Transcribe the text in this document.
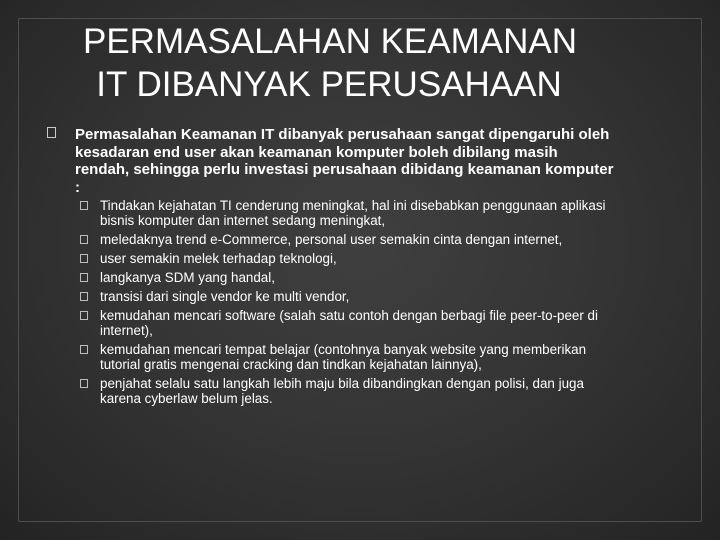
PERMASALAHAN KEAMANAN
IT DIBANYAK PERUSAHAAN
Permasalahan Keamanan IT dibanyak perusahaan sangat dipengaruhi oleh kesadaran end user akan keamanan komputer boleh dibilang masih rendah, sehingga perlu investasi perusahaan dibidang keamanan komputer :
Tindakan kejahatan TI cenderung meningkat, hal ini disebabkan penggunaan aplikasi bisnis komputer dan internet sedang meningkat,
meledaknya trend e-Commerce, personal user semakin cinta dengan internet,
user semakin melek terhadap teknologi,
langkanya SDM yang handal,
transisi dari single vendor ke multi vendor,
kemudahan mencari software (salah satu contoh dengan berbagi file peer-to-peer di internet),
kemudahan mencari tempat belajar (contohnya banyak website yang memberikan tutorial gratis mengenai cracking dan tindkan kejahatan lainnya),
penjahat selalu satu langkah lebih maju bila dibandingkan dengan polisi, dan juga karena cyberlaw belum jelas.
